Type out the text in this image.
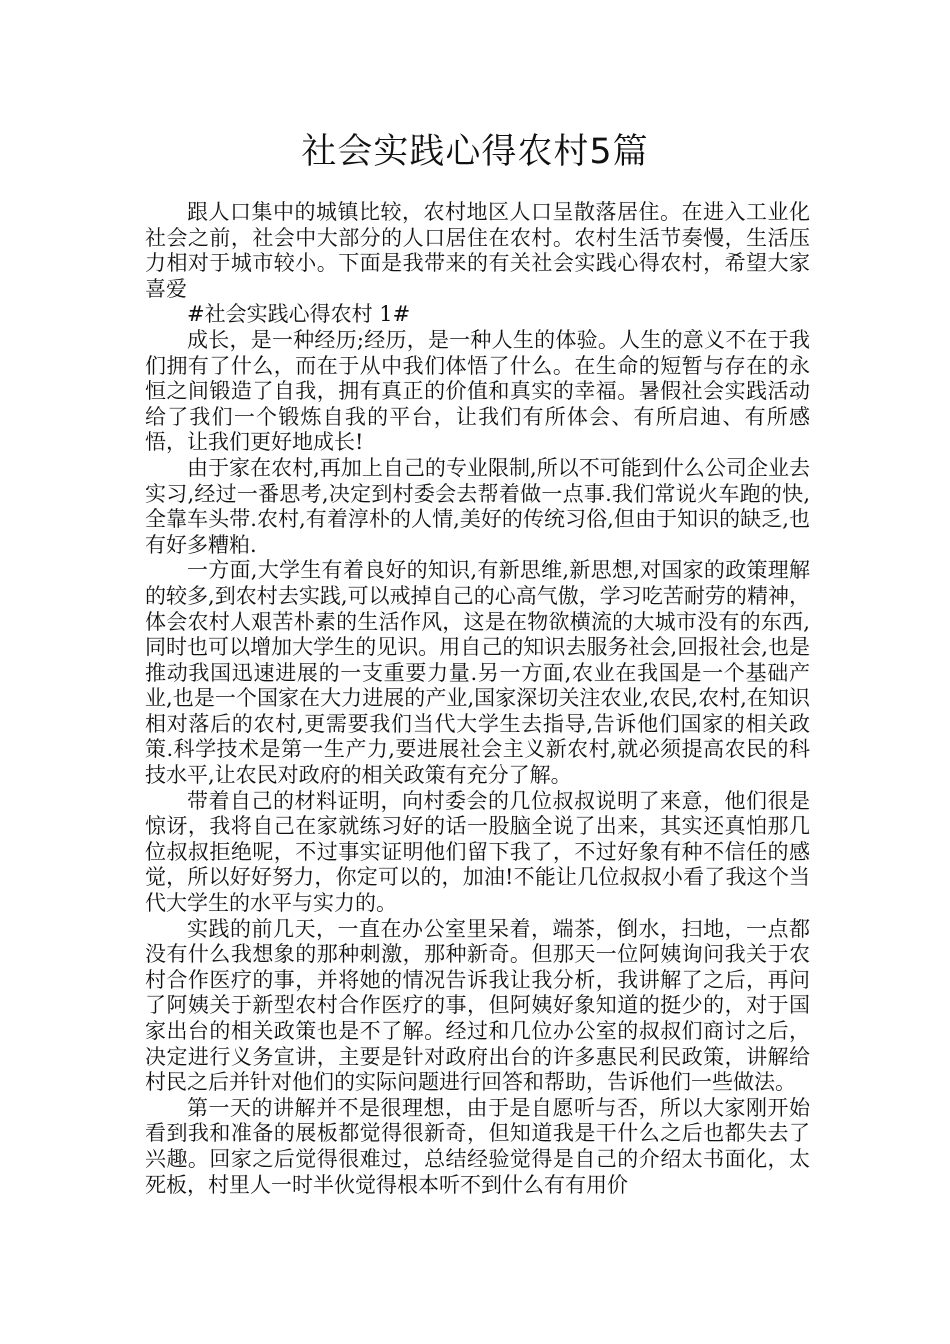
社会实践心得农村5篇

跟人口集中的城镇比较，农村地区人口呈散落居住。在进入工业化社会之前，社会中大部分的人口居住在农村。农村生活节奏慢，生活压力相对于城市较小。下面是我带来的有关社会实践心得农村，希望大家喜爱

#社会实践心得农村 1#

成长，是一种经历;经历，是一种人生的体验。人生的意义不在于我们拥有了什么，而在于从中我们体悟了什么。在生命的短暂与存在的永恒之间锻造了自我，拥有真正的价值和真实的幸福。暑假社会实践活动给了我们一个锻炼自我的平台，让我们有所体会、有所启迪、有所感悟，让我们更好地成长!

由于家在农村,再加上自己的专业限制,所以不可能到什么公司企业去实习,经过一番思考,决定到村委会去帮着做一点事.我们常说火车跑的快,全靠车头带.农村,有着淳朴的人情,美好的传统习俗,但由于知识的缺乏,也有好多糟粕.

一方面,大学生有着良好的知识,有新思维,新思想,对国家的政策理解的较多,到农村去实践,可以戒掉自己的心高气傲，学习吃苦耐劳的精神，体会农村人艰苦朴素的生活作风，这是在物欲横流的大城市没有的东西,同时也可以增加大学生的见识。用自己的知识去服务社会,回报社会,也是推动我国迅速进展的一支重要力量.另一方面,农业在我国是一个基础产业,也是一个国家在大力进展的产业,国家深切关注农业,农民,农村,在知识相对落后的农村,更需要我们当代大学生去指导,告诉他们国家的相关政策.科学技术是第一生产力,要进展社会主义新农村,就必须提高农民的科技水平,让农民对政府的相关政策有充分了解。

带着自己的材料证明，向村委会的几位叔叔说明了来意，他们很是惊讶，我将自己在家就练习好的话一股脑全说了出来，其实还真怕那几位叔叔拒绝呢，不过事实证明他们留下我了，不过好象有种不信任的感觉，所以好好努力，你定可以的，加油!不能让几位叔叔小看了我这个当代大学生的水平与实力的。

实践的前几天，一直在办公室里呆着，端茶，倒水，扫地，一点都没有什么我想象的那种刺激，那种新奇。但那天一位阿姨询问我关于农村合作医疗的事，并将她的情况告诉我让我分析，我讲解了之后，再问了阿姨关于新型农村合作医疗的事，但阿姨好象知道的挺少的，对于国家出台的相关政策也是不了解。经过和几位办公室的叔叔们商讨之后，决定进行义务宣讲，主要是针对政府出台的许多惠民利民政策，讲解给村民之后并针对他们的实际问题进行回答和帮助，告诉他们一些做法。

第一天的讲解并不是很理想，由于是自愿听与否，所以大家刚开始看到我和准备的展板都觉得很新奇，但知道我是干什么之后也都失去了兴趣。回家之后觉得很难过，总结经验觉得是自己的介绍太书面化，太死板，村里人一时半伙觉得根本听不到什么有有用价
